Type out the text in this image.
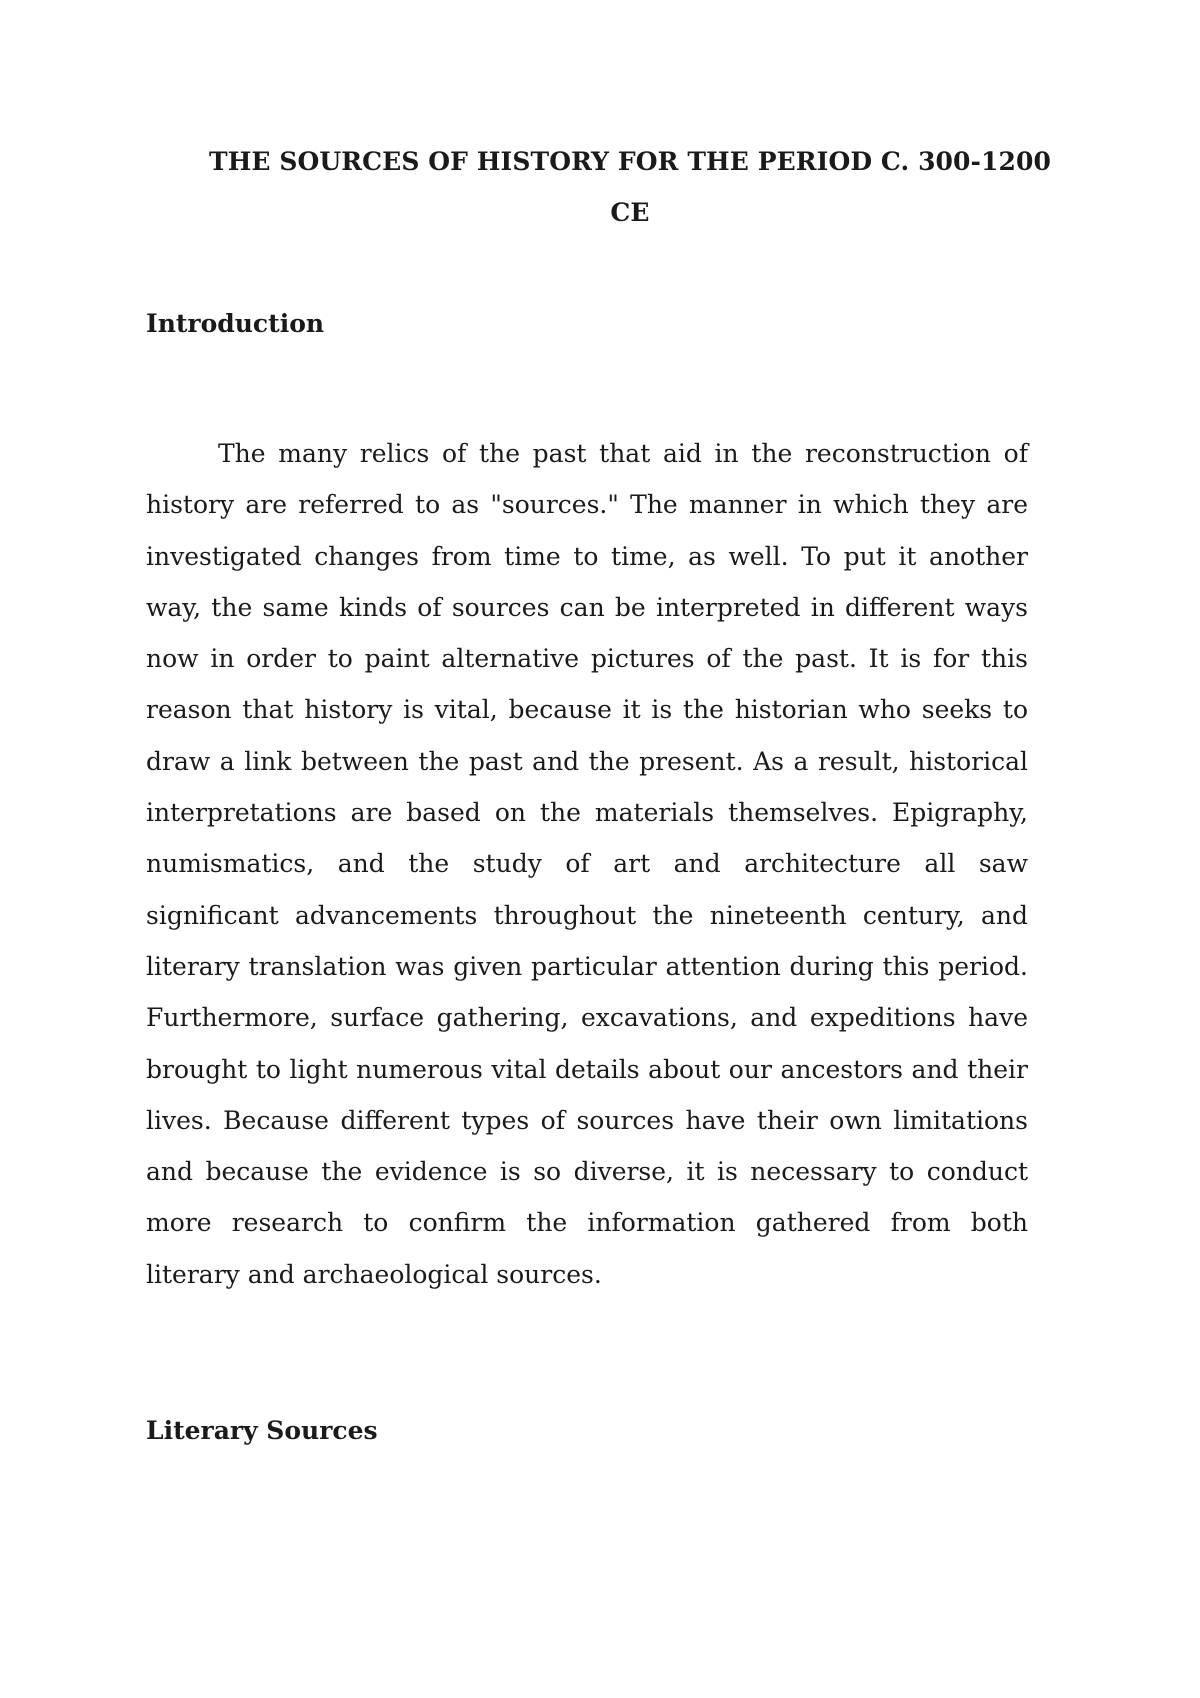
THE SOURCES OF HISTORY FOR THE PERIOD C. 300-1200 CE
Introduction

The many relics of the past that aid in the reconstruction of history are referred to as "sources." The manner in which they are investigated changes from time to time, as well. To put it another way, the same kinds of sources can be interpreted in different ways now in order to paint alternative pictures of the past. It is for this reason that history is vital, because it is the historian who seeks to draw a link between the past and the present. As a result, historical interpretations are based on the materials themselves. Epigraphy, numismatics, and the study of art and architecture all saw significant advancements throughout the nineteenth century, and literary translation was given particular attention during this period. Furthermore, surface gathering, excavations, and expeditions have brought to light numerous vital details about our ancestors and their lives. Because different types of sources have their own limitations and because the evidence is so diverse, it is necessary to conduct more research to confirm the information gathered from both literary and archaeological sources.

Literary Sources
